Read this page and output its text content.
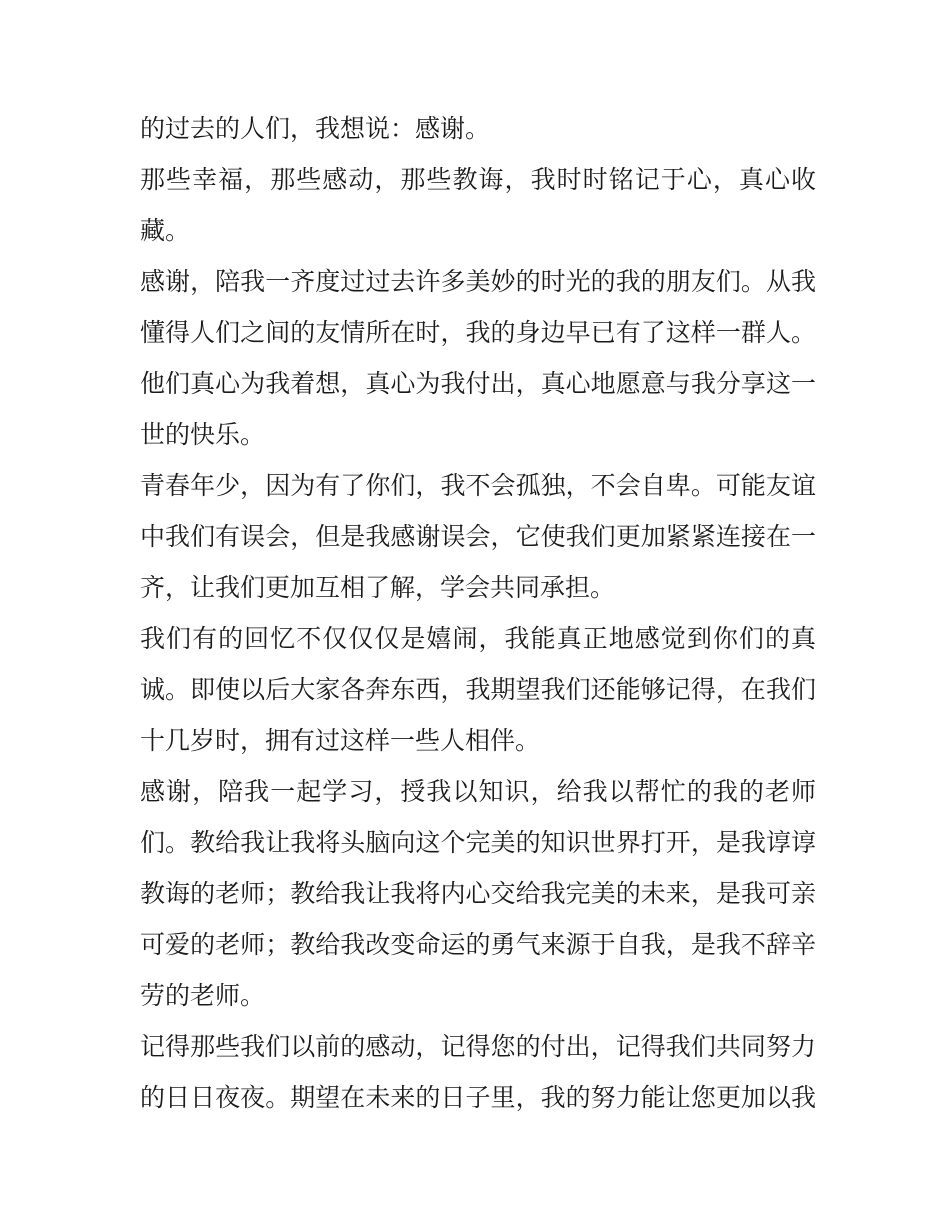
的过去的人们，我想说：感谢。
那些幸福，那些感动，那些教诲，我时时铭记于心，真心收
藏。
感谢，陪我一齐度过过去许多美妙的时光的我的朋友们。从我
懂得人们之间的友情所在时，我的身边早已有了这样一群人。
他们真心为我着想，真心为我付出，真心地愿意与我分享这一
世的快乐。
青春年少，因为有了你们，我不会孤独，不会自卑。可能友谊
中我们有误会，但是我感谢误会，它使我们更加紧紧连接在一
齐，让我们更加互相了解，学会共同承担。
我们有的回忆不仅仅仅是嬉闹，我能真正地感觉到你们的真
诚。即使以后大家各奔东西，我期望我们还能够记得，在我们
十几岁时，拥有过这样一些人相伴。
感谢，陪我一起学习，授我以知识，给我以帮忙的我的老师
们。教给我让我将头脑向这个完美的知识世界打开，是我谆谆
教诲的老师；教给我让我将内心交给我完美的未来，是我可亲
可爱的老师；教给我改变命运的勇气来源于自我，是我不辞辛
劳的老师。
记得那些我们以前的感动，记得您的付出，记得我们共同努力
的日日夜夜。期望在未来的日子里，我的努力能让您更加以我
